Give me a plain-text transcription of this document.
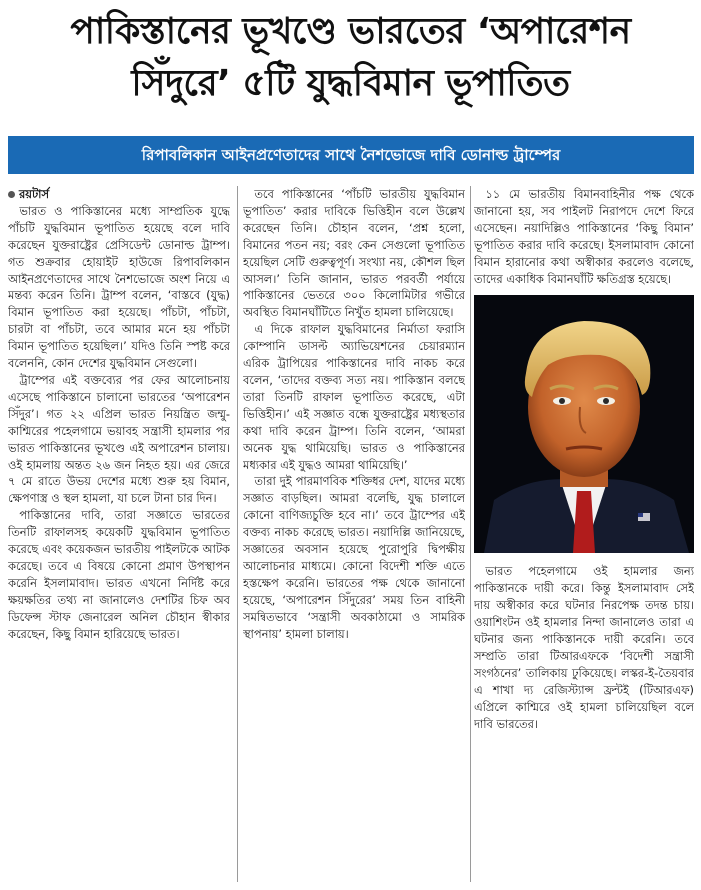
পাকিস্তানের ভূখণ্ডে ভারতের ‘অপারেশন
সিঁদুরে’ ৫টি যুদ্ধবিমান ভূপাতিত
রিপাবলিকান আইনপ্রণেতাদের সাথে নৈশভোজে দাবি ডোনাল্ড ট্রাম্পের

রয়টার্স

ভারত ও পাকিস্তানের মধ্যে সাম্প্রতিক যুদ্ধে পাঁচটি যুদ্ধবিমান ভূপাতিত হয়েছে বলে দাবি করেছেন যুক্তরাষ্ট্রের প্রেসিডেন্ট ডোনাল্ড ট্রাম্প। গত শুক্রবার হোয়াইট হাউজে রিপাবলিকান আইনপ্রণেতাদের সাথে নৈশভোজে অংশ নিয়ে এ মন্তব্য করেন তিনি। ট্রাম্প বলেন, ‘বাস্তবে (যুদ্ধ) বিমান ভূপাতিত করা হয়েছে। পাঁচটা, পাঁচটা, চারটা বা পাঁচটা, তবে আমার মনে হয় পাঁচটা বিমান ভূপাতিত হয়েছিল।’ যদিও তিনি স্পষ্ট করে বলেননি, কোন দেশের যুদ্ধবিমান সেগুলো।

ট্রাম্পের এই বক্তব্যের পর ফের আলোচনায় এসেছে পাকিস্তানে চালানো ভারতের ‘অপারেশন সিঁদুর’। গত ২২ এপ্রিল ভারত নিয়ন্ত্রিত জম্মু-কাশ্মিরের পহেলগামে ভয়াবহ সন্ত্রাসী হামলার পর ভারত পাকিস্তানের ভূখণ্ডে এই অপারেশন চালায়। ওই হামলায় অন্তত ২৬ জন নিহত হয়। এর জেরে ৭ মে রাতে উভয় দেশের মধ্যে শুরু হয় বিমান, ক্ষেপণাস্ত্র ও স্থল হামলা, যা চলে টানা চার দিন।

পাকিস্তানের দাবি, তারা সজ্ঞাতে ভারতের তিনটি রাফালসহ কয়েকটি যুদ্ধবিমান ভূপাতিত করেছে এবং কয়েকজন ভারতীয় পাইলটকে আটক করেছে। তবে এ বিষয়ে কোনো প্রমাণ উপস্থাপন করেনি ইসলামাবাদ। ভারত এখনো নির্দিষ্ট করে ক্ষয়ক্ষতির তথ্য না জানালেও দেশটির চিফ অব ডিফেন্স স্টাফ জেনারেল অনিল চৌহান স্বীকার করেছেন, কিছু বিমান হারিয়েছে ভারত।

তবে পাকিস্তানের ‘পাঁচটি ভারতীয় যুদ্ধবিমান ভূপাতিত’ করার দাবিকে ভিত্তিহীন বলে উল্লেখ করেছেন তিনি। চৌহান বলেন, ‘প্রশ্ন হলো, বিমানের পতন নয়; বরং কেন সেগুলো ভূপাতিত হয়েছিল সেটি গুরুত্বপূর্ণ। সংখ্যা নয়, কৌশল ছিল আসল।’ তিনি জানান, ভারত পরবর্তী পর্যায়ে পাকিস্তানের ভেতরে ৩০০ কিলোমিটার গভীরে অবস্থিত বিমানঘাঁটিতে নিখুঁত হামলা চালিয়েছে।

এ দিকে রাফাল যুদ্ধবিমানের নির্মাতা ফরাসি কোম্পানি ডাসল্ট অ্যাভিয়েশনের চেয়ারম্যান এরিক ট্রাপিয়ের পাকিস্তানের দাবি নাকচ করে বলেন, ‘তাদের বক্তব্য সত্য নয়। পাকিস্তান বলছে তারা তিনটি রাফাল ভূপাতিত করেছে, এটা ভিত্তিহীন।’ এই সজ্ঞাত বন্ধে যুক্তরাষ্ট্রের মধ্যস্থতার কথা দাবি করেন ট্রাম্প। তিনি বলেন, ‘আমরা অনেক যুদ্ধ থামিয়েছি। ভারত ও পাকিস্তানের মধ্যকার এই যুদ্ধও আমরা থামিয়েছি।’

তারা দুই পারমাণবিক শক্তিধর দেশ, যাদের মধ্যে সজ্ঞাত বাড়ছিল। আমরা বলেছি, যুদ্ধ চালালে কোনো বাণিজ্যচুক্তি হবে না।’ তবে ট্রাম্পের এই বক্তব্য নাকচ করেছে ভারত। নয়াদিল্লি জানিয়েছে, সজ্ঞাতের অবসান হয়েছে পুরোপুরি দ্বিপক্ষীয় আলোচনার মাধ্যমে। কোনো বিদেশী শক্তি এতে হস্তক্ষেপ করেনি। ভারতের পক্ষ থেকে জানানো হয়েছে, ‘অপারেশন সিঁদুরের’ সময় তিন বাহিনী সমন্বিতভাবে ‘সন্ত্রাসী অবকাঠামো ও সামরিক স্থাপনায়’ হামলা চালায়।

১১ মে ভারতীয় বিমানবাহিনীর পক্ষ থেকে জানানো হয়, সব পাইলট নিরাপদে দেশে ফিরে এসেছেন। নয়াদিল্লিও পাকিস্তানের ‘কিছু বিমান’ ভূপাতিত করার দাবি করেছে। ইসলামাবাদ কোনো বিমান হারানোর কথা অস্বীকার করলেও বলেছে, তাদের একাধিক বিমানঘাঁটি ক্ষতিগ্রস্ত হয়েছে।

ভারত পহেলগামে ওই হামলার জন্য পাকিস্তানকে দায়ী করে। কিন্তু ইসলামাবাদ সেই দায় অস্বীকার করে ঘটনার নিরপেক্ষ তদন্ত চায়। ওয়াশিংটন ওই হামলার নিন্দা জানালেও তারা এ ঘটনার জন্য পাকিস্তানকে দায়ী করেনি। তবে সম্প্রতি তারা টিআরএফকে ‘বিদেশী সন্ত্রাসী সংগঠনের’ তালিকায় ঢুকিয়েছে। লস্কর-ই-তৈয়বার এ শাখা দ্য রেজিস্ট্যান্স ফ্রন্টই (টিআরএফ) এপ্রিলে কাশ্মিরে ওই হামলা চালিয়েছিল বলে দাবি ভারতের।
